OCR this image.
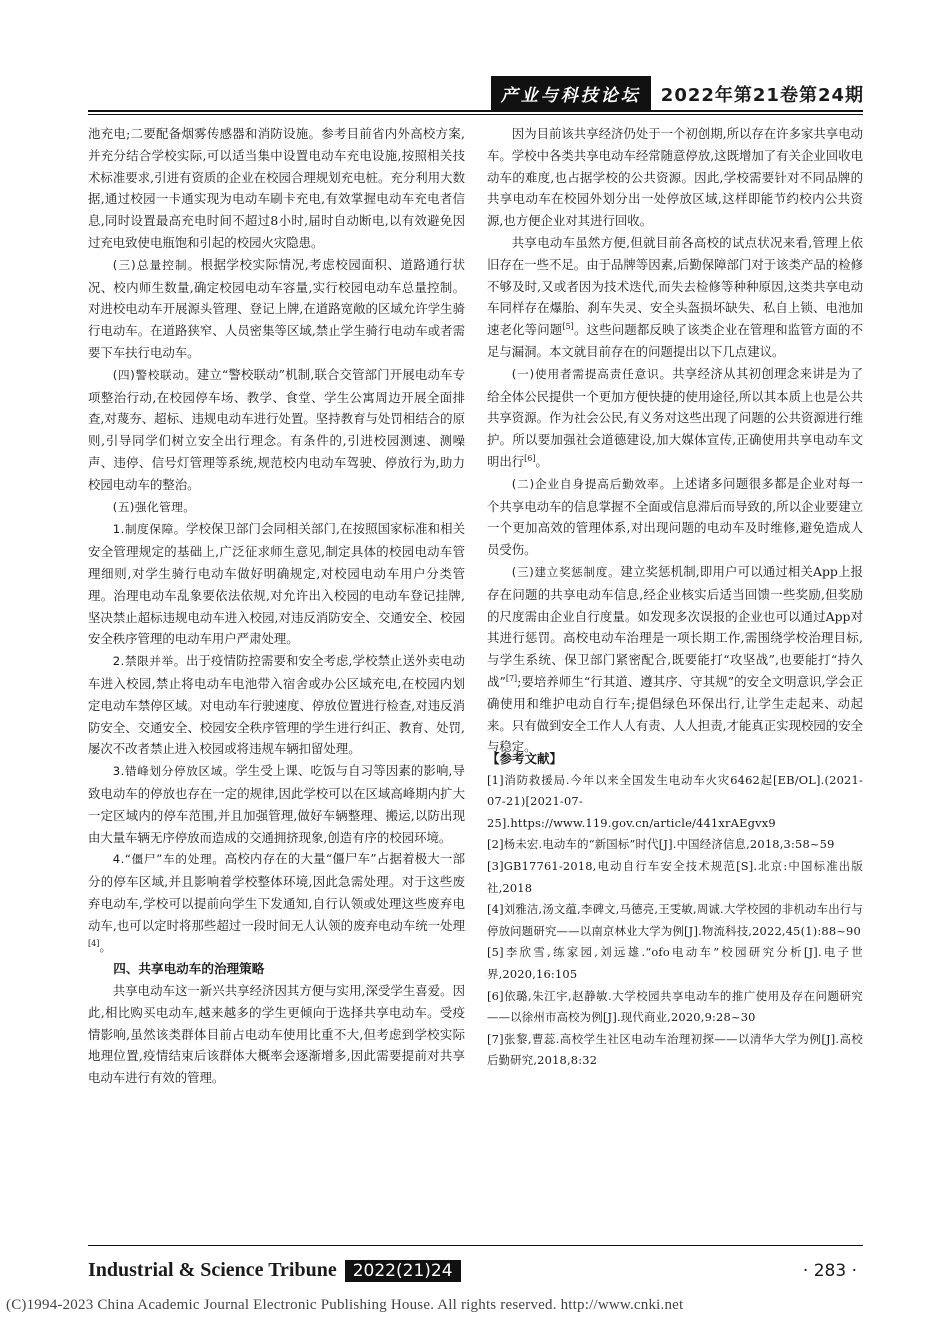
产业与科技论坛	2022年第21卷第24期

池充电;二要配备烟雾传感器和消防设施。参考目前省内外高校方案,并充分结合学校实际,可以适当集中设置电动车充电设施,按照相关技术标准要求,引进有资质的企业在校园合理规划充电桩。充分利用大数据,通过校园一卡通实现为电动车刷卡充电,有效掌握电动车充电者信息,同时设置最高充电时间不超过8小时,届时自动断电,以有效避免因过充电致使电瓶饱和引起的校园火灾隐患。

(三)总量控制。根据学校实际情况,考虑校园面积、道路通行状况、校内师生数量,确定校园电动车容量,实行校园电动车总量控制。对进校电动车开展源头管理、登记上牌,在道路宽敞的区域允许学生骑行电动车。在道路狭窄、人员密集等区域,禁止学生骑行电动车或者需要下车扶行电动车。

(四)警校联动。建立“警校联动”机制,联合交管部门开展电动车专项整治行动,在校园停车场、教学、食堂、学生公寓周边开展全面排查,对蔑夯、超标、违规电动车进行处置。坚持教育与处罚相结合的原则,引导同学们树立安全出行理念。有条件的,引进校园测速、测噪声、违停、信号灯管理等系统,规范校内电动车驾驶、停放行为,助力校园电动车的整治。

(五)强化管理。

1.制度保障。学校保卫部门会同相关部门,在按照国家标准和相关安全管理规定的基础上,广泛征求师生意见,制定具体的校园电动车管理细则,对学生骑行电动车做好明确规定,对校园电动车用户分类管理。治理电动车乱象要依法依规,对允许出入校园的电动车登记挂牌,坚决禁止超标违规电动车进入校园,对违反消防安全、交通安全、校园安全秩序管理的电动车用户严肃处理。

2.禁限并举。出于疫情防控需要和安全考虑,学校禁止送外卖电动车进入校园,禁止将电动车电池带入宿舍或办公区域充电,在校园内划定电动车禁停区域。对电动车行驶速度、停放位置进行检查,对违反消防安全、交通安全、校园安全秩序管理的学生进行纠正、教育、处罚,屡次不改者禁止进入校园或将违规车辆扣留处理。

3.错峰划分停放区域。学生受上课、吃饭与自习等因素的影响,导致电动车的停放也存在一定的规律,因此学校可以在区域高峰期内扩大一定区域内的停车范围,并且加强管理,做好车辆整理、搬运,以防出现由大量车辆无序停放而造成的交通拥挤现象,创造有序的校园环境。

4.“僵尸”车的处理。高校内存在的大量“僵尸车”占据着极大一部分的停车区域,并且影响着学校整体环境,因此急需处理。对于这些废弃电动车,学校可以提前向学生下发通知,自行认领或处理这些废弃电动车,也可以定时将那些超过一段时间无人认领的废弃电动车统一处理[4]。

四、共享电动车的治理策略

共享电动车这一新兴共享经济因其方便与实用,深受学生喜爱。因此,相比购买电动车,越来越多的学生更倾向于选择共享电动车。受疫情影响,虽然该类群体目前占电动车使用比重不大,但考虑到学校实际地理位置,疫情结束后该群体大概率会逐渐增多,因此需要提前对共享电动车进行有效的管理。

因为目前该共享经济仍处于一个初创期,所以存在许多家共享电动车。学校中各类共享电动车经常随意停放,这既增加了有关企业回收电动车的难度,也占据学校的公共资源。因此,学校需要针对不同品牌的共享电动车在校园外划分出一处停放区域,这样即能节约校内公共资源,也方便企业对其进行回收。

共享电动车虽然方便,但就目前各高校的试点状况来看,管理上依旧存在一些不足。由于品牌等因素,后勤保障部门对于该类产品的检修不够及时,又或者因为技术迭代,而失去检修等种种原因,这类共享电动车同样存在爆胎、刹车失灵、安全头盔损坏缺失、私自上锁、电池加速老化等问题[5]。这些问题都反映了该类企业在管理和监管方面的不足与漏洞。本文就目前存在的问题提出以下几点建议。

(一)使用者需提高责任意识。共享经济从其初创理念来讲是为了给全体公民提供一个更加方便快捷的使用途径,所以其本质上也是公共共享资源。作为社会公民,有义务对这些出现了问题的公共资源进行维护。所以要加强社会道德建设,加大媒体宣传,正确使用共享电动车文明出行[6]。

(二)企业自身提高后勤效率。上述诸多问题很多都是企业对每一个共享电动车的信息掌握不全面或信息滞后而导致的,所以企业要建立一个更加高效的管理体系,对出现问题的电动车及时维修,避免造成人员受伤。

(三)建立奖惩制度。建立奖惩机制,即用户可以通过相关App上报存在问题的共享电动车信息,经企业核实后适当回馈一些奖励,但奖励的尺度需由企业自行度量。如发现多次误报的企业也可以通过App对其进行惩罚。高校电动车治理是一项长期工作,需围绕学校治理目标,与学生系统、保卫部门紧密配合,既要能打“攻坚战”,也要能打“持久战”[7];要培养师生“行其道、遵其序、守其规”的安全文明意识,学会正确使用和维护电动自行车;提倡绿色环保出行,让学生走起来、动起来。只有做到安全工作人人有责、人人担责,才能真正实现校园的安全与稳定。

【参考文献】

[1]消防救援局.今年以来全国发生电动车火灾6462起[EB/OL].(2021-07-21)[2021-07-25].https://www.119.gov.cn/article/441xrAEgvx9

[2]杨未宏.电动车的“新国标”时代[J].中国经济信息,2018,3:58~59

[3]GB17761-2018,电动自行车安全技术规范[S].北京:中国标准出版社,2018

[4]刘雅洁,汤文蕴,李碑文,马德亮,王雯敏,周诚.大学校园的非机动车出行与停放问题研究——以南京林业大学为例[J].物流科技,2022,45(1):88~90

[5]李欣雪,练家园,刘远雄.“ofo电动车”校园研究分析[J].电子世界,2020,16:105

[6]依璐,朱江宇,赵静敏.大学校园共享电动车的推广使用及存在问题研究——以徐州市高校为例[J].现代商业,2020,9:28~30

[7]张黎,曹蕊.高校学生社区电动车治理初探——以清华大学为例[J].高校后勤研究,2018,8:32

Industrial & Science Tribune 2022(21)24	· 283 ·
(C)1994-2023 China Academic Journal Electronic Publishing House. All rights reserved. http://www.cnki.net
